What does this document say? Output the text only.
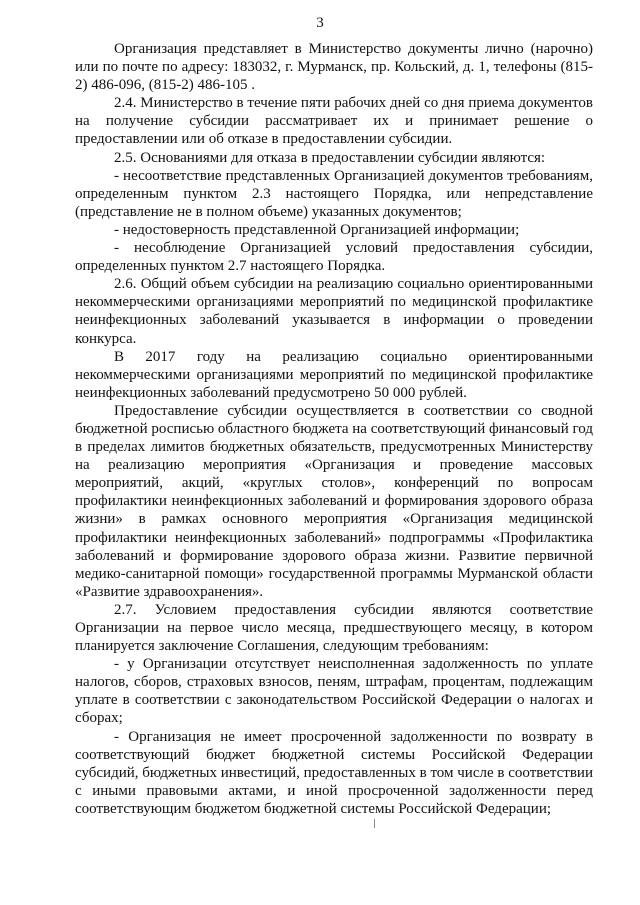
3

Организация представляет в Министерство документы лично (нарочно) или по почте по адресу: 183032, г. Мурманск, пр. Кольский, д. 1, телефоны (815-2) 486-096, (815-2) 486-105 .

2.4. Министерство в течение пяти рабочих дней со дня приема документов на получение субсидии рассматривает их и принимает решение о предоставлении или об отказе в предоставлении субсидии.

2.5. Основаниями для отказа в предоставлении субсидии являются:

- несоответствие представленных Организацией документов требованиям, определенным пунктом 2.3 настоящего Порядка, или непредставление (представление не в полном объеме) указанных документов;

- недостоверность представленной Организацией информации;

- несоблюдение Организацией условий предоставления субсидии, определенных пунктом 2.7 настоящего Порядка.

2.6. Общий объем субсидии на реализацию социально ориентированными некоммерческими организациями мероприятий по медицинской профилактике неинфекционных заболеваний указывается в информации о проведении конкурса.

В 2017 году на реализацию социально ориентированными некоммерческими организациями мероприятий по медицинской профилактике неинфекционных заболеваний предусмотрено 50 000 рублей.

Предоставление субсидии осуществляется в соответствии со сводной бюджетной росписью областного бюджета на соответствующий финансовый год в пределах лимитов бюджетных обязательств, предусмотренных Министерству на реализацию мероприятия «Организация и проведение массовых мероприятий, акций, «круглых столов», конференций по вопросам профилактики неинфекционных заболеваний и формирования здорового образа жизни» в рамках основного мероприятия «Организация медицинской профилактики неинфекционных заболеваний» подпрограммы «Профилактика заболеваний и формирование здорового образа жизни. Развитие первичной медико-санитарной помощи» государственной программы Мурманской области «Развитие здравоохранения».

2.7. Условием предоставления субсидии являются соответствие Организации на первое число месяца, предшествующего месяцу, в котором планируется заключение Соглашения, следующим требованиям:

- у Организации отсутствует неисполненная задолженность по уплате налогов, сборов, страховых взносов, пеням, штрафам, процентам, подлежащим уплате в соответствии с законодательством Российской Федерации о налогах и сборах;

- Организация не имеет просроченной задолженности по возврату в соответствующий бюджет бюджетной системы Российской Федерации субсидий, бюджетных инвестиций, предоставленных в том числе в соответствии с иными правовыми актами, и иной просроченной задолженности перед соответствующим бюджетом бюджетной системы Российской Федерации;
